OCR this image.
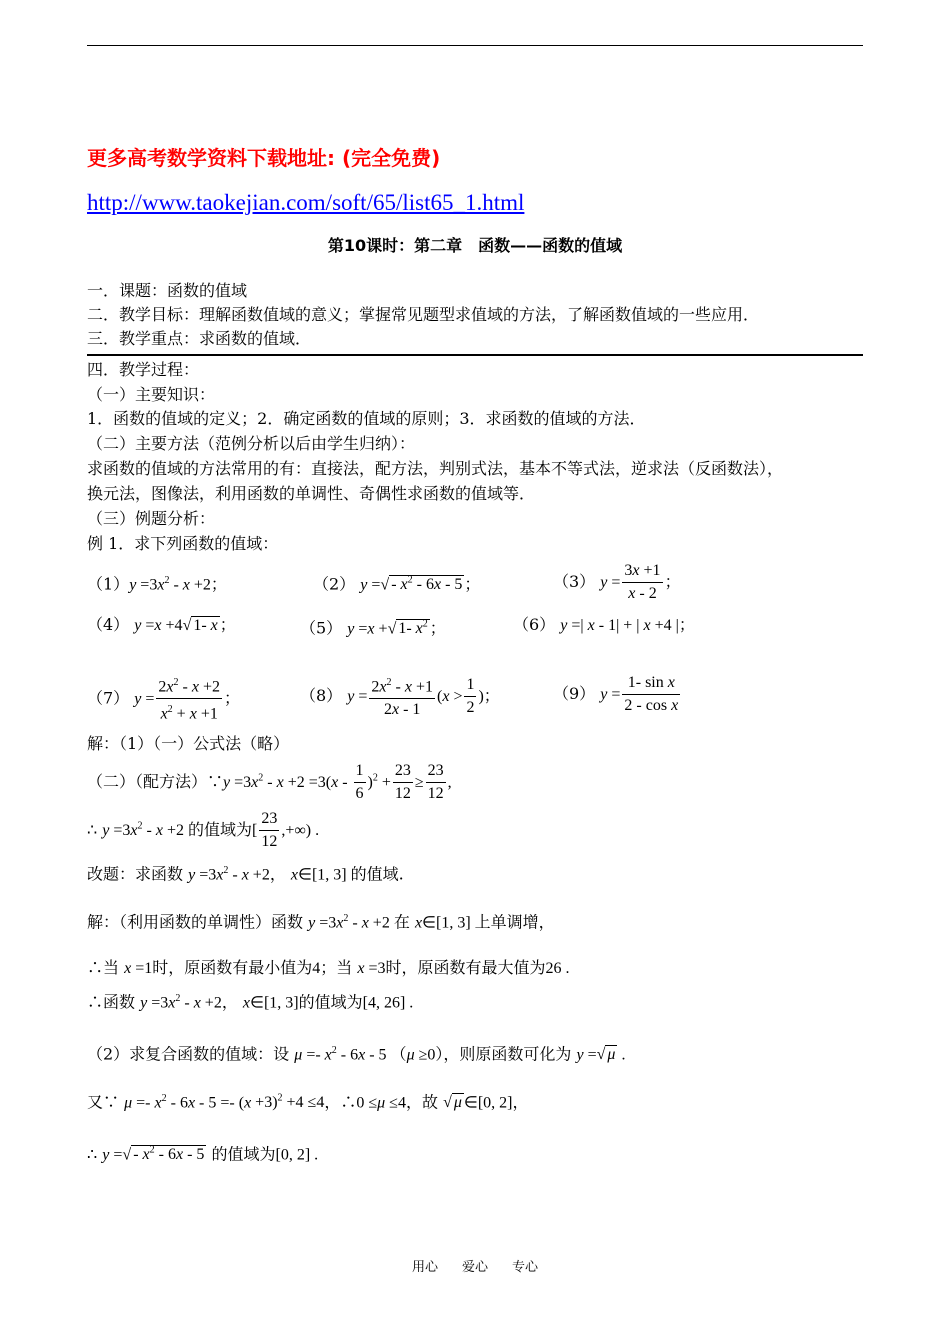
更多高考数学资料下载地址: (完全免费)
http://www.taokejian.com/soft/65/list65_1.html
第10课时：第二章　函数——函数的值域
一．课题：函数的值域
二．教学目标：理解函数值域的意义；掌握常见题型求值域的方法，了解函数值域的一些应用．
三．教学重点：求函数的值域．
四．教学过程：
（一）主要知识：
1．函数的值域的定义；2．确定函数的值域的原则；3．求函数的值域的方法．
（二）主要方法（范例分析以后由学生归纳）：
求函数的值域的方法常用的有：直接法，配方法，判别式法，基本不等式法，逆求法（反函数法），
换元法，图像法，利用函数的单调性、奇偶性求函数的值域等．
（三）例题分析：
例 1．求下列函数的值域：
$(1)y =3x^2 - x +2$；	（2） y =√ - $x^2 - 6x - 5$ ；	（3） $y = \frac{3x +1}{x - 2}$ ；
（4） y =x +4√ 1- x ；	（5） y =x +√ 1- $x^2$ ；	（6） y =| x - 1| + | x +4 |；
（7） $y = \frac{2x^2 - x +2}{x^2 + x +1}$ ；	（8） $y = \frac{2x^2 - x +1}{2x - 1} (x > \frac{1}{2}$ )；	（9） $y = \frac{\text{1- sin x}}{\text{2 - cos x}}$
解：（1）（一）公式法（略）
（二）（配方法）∵y $=3x^2 - x +2 =3(x - \frac{1}{6} )^2 + \frac{23}{12} \ge \frac{23}{12}$ ,
∴ $y =3x^2 - x +2$ 的值域为[ $\frac{23}{12}$ ,+∞) .
改题：求函数 $y =3x^2 - x +2$， x∈[1, 3] 的值域.
解：（利用函数的单调性）函数 $y =3x^2 - x +2$ 在 x∈[1, 3] 上单调增，
∴当 x =1时，原函数有最小值为4；当 x =3时，原函数有最大值为26 .
∴函数 $y =3x^2 - x +2$， x∈[1, 3]的值域为[4, 26] .
（2）求复合函数的值域：设 $\mu =- x^2 - 6x - 5$ （μ ≥0），则原函数可化为 y =√ μ .
又∵ $\mu =- x^2 - 6x - 5 =- (x +3)^2 +4 \le 4$，∴0 ≤μ ≤4，故 √ μ ∈[0, 2]，
∴ y =√ - $x^2 - 6x - 5$ 的值域为[0, 2] .
用心 爱心 专心
